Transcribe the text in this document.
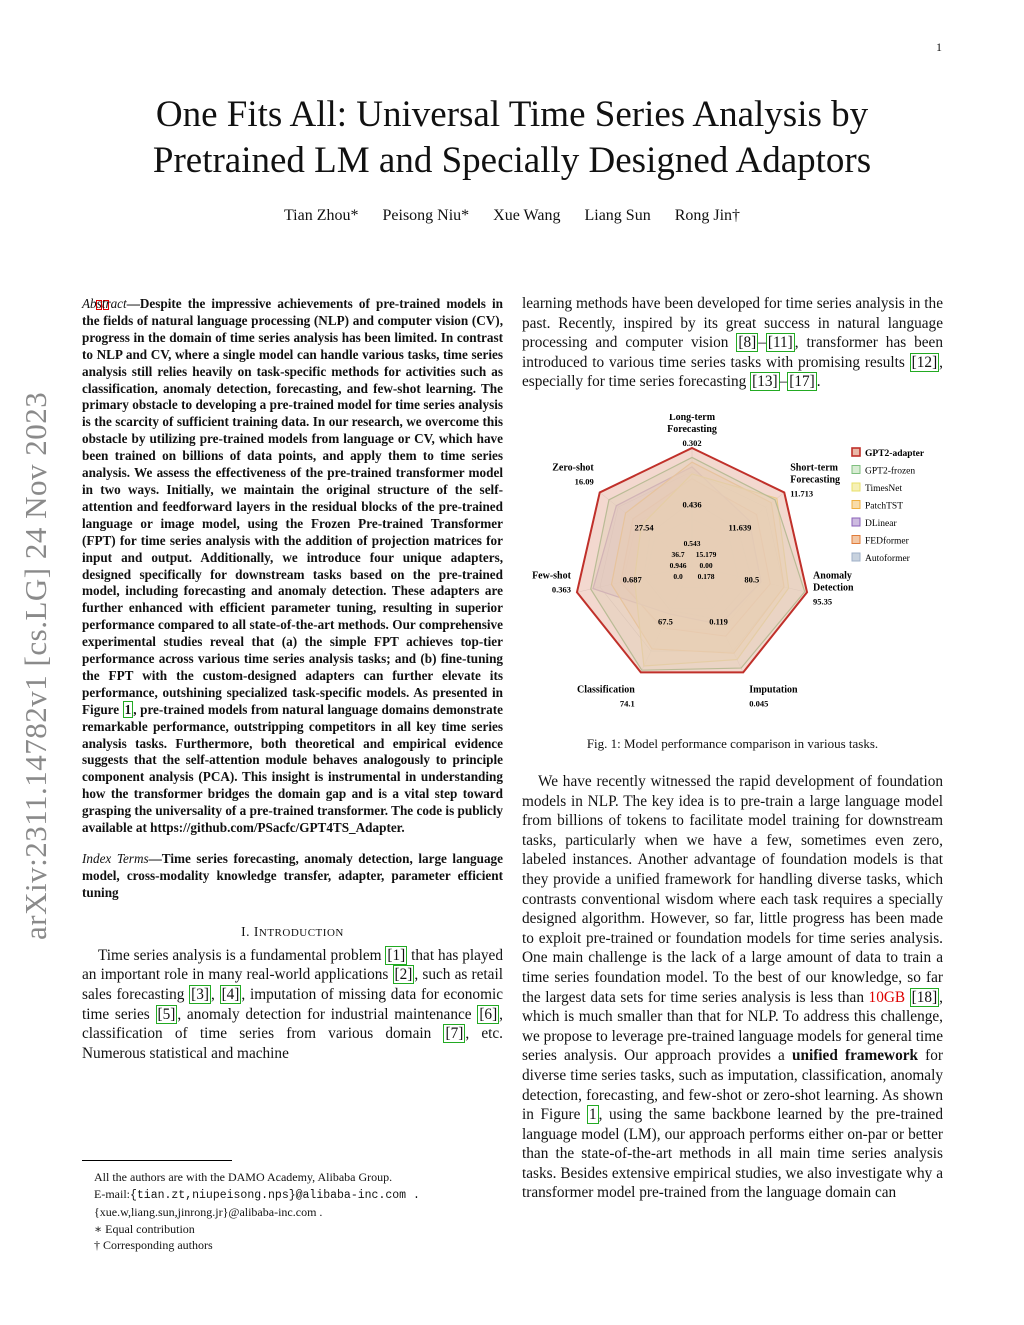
1
One Fits All: Universal Time Series Analysis by
Pretrained LM and Specially Designed Adaptors
Tian Zhou* Peisong Niu* Xue Wang Liang Sun Rong Jin†
arXiv:2311.14782v1 [cs.LG] 24 Nov 2023
Abstract—Despite the impressive achievements of pre-trained models in the fields of natural language processing (NLP) and computer vision (CV), progress in the domain of time series analysis has been limited. In contrast to NLP and CV, where a single model can handle various tasks, time series analysis still relies heavily on task-specific methods for activities such as classification, anomaly detection, forecasting, and few-shot learning. The primary obstacle to developing a pre-trained model for time series analysis is the scarcity of sufficient training data. In our research, we overcome this obstacle by utilizing pre-trained models from language or CV, which have been trained on billions of data points, and apply them to time series analysis. We assess the effectiveness of the pre-trained transformer model in two ways. Initially, we maintain the original structure of the self-attention and feedforward layers in the residual blocks of the pre-trained language or image model, using the Frozen Pre-trained Transformer (FPT) for time series analysis with the addition of projection matrices for input and output. Additionally, we introduce four unique adapters, designed specifically for downstream tasks based on the pre-trained model, including forecasting and anomaly detection. These adapters are further enhanced with efficient parameter tuning, resulting in superior performance compared to all state-of-the-art methods. Our comprehensive experimental studies reveal that (a) the simple FPT achieves top-tier performance across various time series analysis tasks; and (b) fine-tuning the FPT with the custom-designed adapters can further elevate its performance, outshining specialized task-specific models. As presented in Figure 1 , pre-trained models from natural language domains demonstrate remarkable performance, outstripping competitors in all key time series analysis tasks. Furthermore, both theoretical and empirical evidence suggests that the self-attention module behaves analogously to principle component analysis (PCA). This insight is instrumental in understanding how the transformer bridges the domain gap and is a vital step toward grasping the universality of a pre-trained transformer. The code is publicly available at https://github.com/PSacfc/GPT4TS_Adapter.
Index Terms—Time series forecasting, anomaly detection, large language model, cross-modality knowledge transfer, adapter, parameter efficient tuning
I. INTRODUCTION
Time series analysis is a fundamental problem [1] that has played an important role in many real-world applications [2] , such as retail sales forecasting [3] , [4] , imputation of missing data for economic time series [5] , anomaly detection for industrial maintenance [6] , classification of time series from various domain [7] , etc. Numerous statistical and machine
All the authors are with the DAMO Academy, Alibaba Group.
E-mail:{tian.zt,niupeisong.nps}@alibaba-inc.com .
{xue.w,liang.sun,jinrong.jr}@alibaba-inc.com .
∗ Equal contribution
† Corresponding authors
learning methods have been developed for time series analysis in the past. Recently, inspired by its great success in natural language processing and computer vision [8] – [11] , transformer has been introduced to various time series tasks with promising results [12] , especially for time series forecasting [13] – [17] .
Long-term
Forecasting
0.302
0.436
Short-term
Forecasting
11.713
11.639
Anomaly
Detection
95.35
80.5
Imputation
0.045
0.119
Classification
74.1
67.5
Few-shot
0.363
0.687
Zero-shot
16.09
27.54
0.543
36.7 15.179
0.946 0.00
0.0 0.178
GPT2-adapter
GPT2-frozen
TimesNet
PatchTST
DLinear
FEDformer
Autoformer
Fig. 1: Model performance comparison in various tasks.
We have recently witnessed the rapid development of foundation models in NLP. The key idea is to pre-train a large language model from billions of tokens to facilitate model training for downstream tasks, particularly when we have a few, sometimes even zero, labeled instances. Another advantage of foundation models is that they provide a unified framework for handling diverse tasks, which contrasts conventional wisdom where each task requires a specially designed algorithm. However, so far, little progress has been made to exploit pre-trained or foundation models for time series analysis. One main challenge is the lack of a large amount of data to train a time series foundation model. To the best of our knowledge, so far the largest data sets for time series analysis is less than 10GB [18] , which is much smaller than that for NLP. To address this challenge, we propose to leverage pre-trained language models for general time series analysis. Our approach provides a unified framework for diverse time series tasks, such as imputation, classification, anomaly detection, forecasting, and few-shot or zero-shot learning. As shown in Figure 1 , using the same backbone learned by the pre-trained language model (LM), our approach performs either on-par or better than the state-of-the-art methods in all main time series analysis tasks. Besides extensive empirical studies, we also investigate why a transformer model pre-trained from the language domain can
